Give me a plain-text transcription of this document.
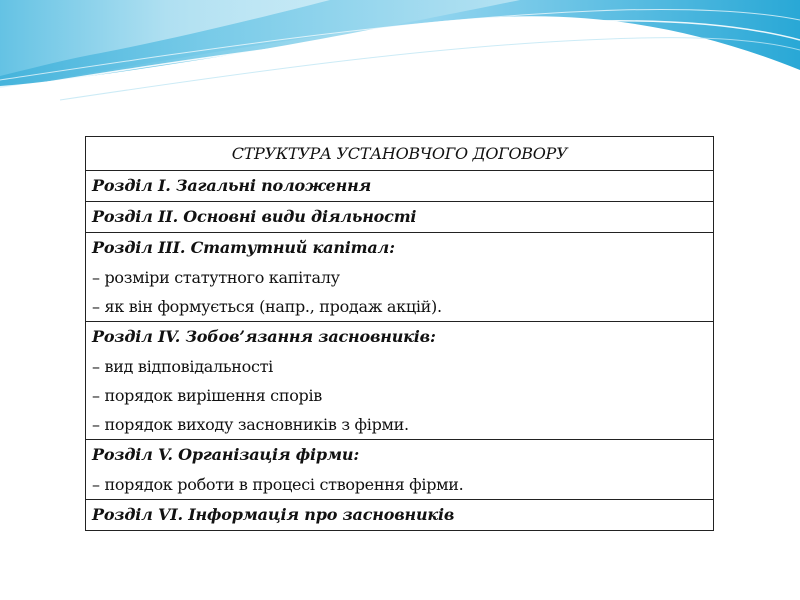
СТРУКТУРА УСТАНОВЧОГО ДОГОВОРУ

Розділ I. Загальні положення

Розділ II. Основні види діяльності

Розділ III. Статутний капітал:
– розміри статутного капіталу
– як він формується (напр., продаж акцій).

Розділ IV. Зобов’язання засновників:
– вид відповідальності
– порядок вирішення спорів
– порядок виходу засновників з фірми.

Розділ V. Організація фірми:
– порядок роботи в процесі створення фірми.

Розділ VI. Інформація про засновників
